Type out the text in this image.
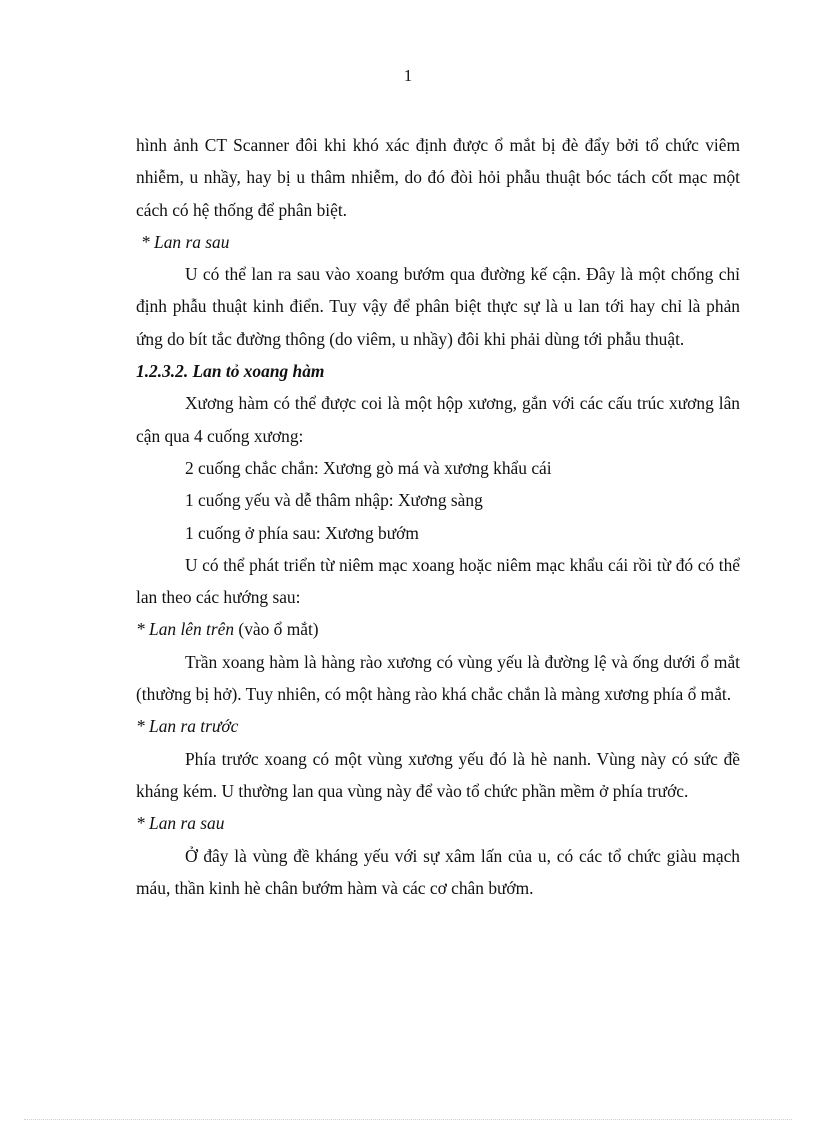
1

hình ảnh CT Scanner đôi khi khó xác định được ổ mắt bị đè đẩy bởi tổ chức viêm nhiễm, u nhầy, hay bị u thâm nhiễm, do đó đòi hỏi phẫu thuật bóc tách cốt mạc một cách có hệ thống để phân biệt.

* Lan ra sau

U có thể lan ra sau vào xoang bướm qua đường kế cận. Đây là một chống chỉ định phẫu thuật kinh điển. Tuy vậy để phân biệt thực sự là u lan tới hay chỉ là phản ứng do bít tắc đường thông (do viêm, u nhầy) đôi khi phải dùng tới phẫu thuật.

1.2.3.2. Lan tỏ xoang hàm

Xương hàm có thể được coi là một hộp xương, gắn với các cấu trúc xương lân cận qua 4 cuống xương:

2 cuống chắc chắn: Xương gò má và xương khẩu cái

1 cuống yếu và dễ thâm nhập: Xương sàng

1 cuống ở phía sau: Xương bướm

U có thể phát triển từ niêm mạc xoang hoặc niêm mạc khẩu cái rồi từ đó có thể lan theo các hướng sau:

* Lan lên trên (vào ổ mắt)

Trần xoang hàm là hàng rào xương có vùng yếu là đường lệ và ống dưới ổ mắt (thường bị hở). Tuy nhiên, có một hàng rào khá chắc chắn là màng xương phía ổ mắt.

* Lan ra trước

Phía trước xoang có một vùng xương yếu đó là hè nanh. Vùng này có sức đề kháng kém. U thường lan qua vùng này để vào tổ chức phần mềm ở phía trước.

* Lan ra sau

Ở đây là vùng đề kháng yếu với sự xâm lấn của u, có các tổ chức giàu mạch máu, thần kinh hè chân bướm hàm và các cơ chân bướm.
